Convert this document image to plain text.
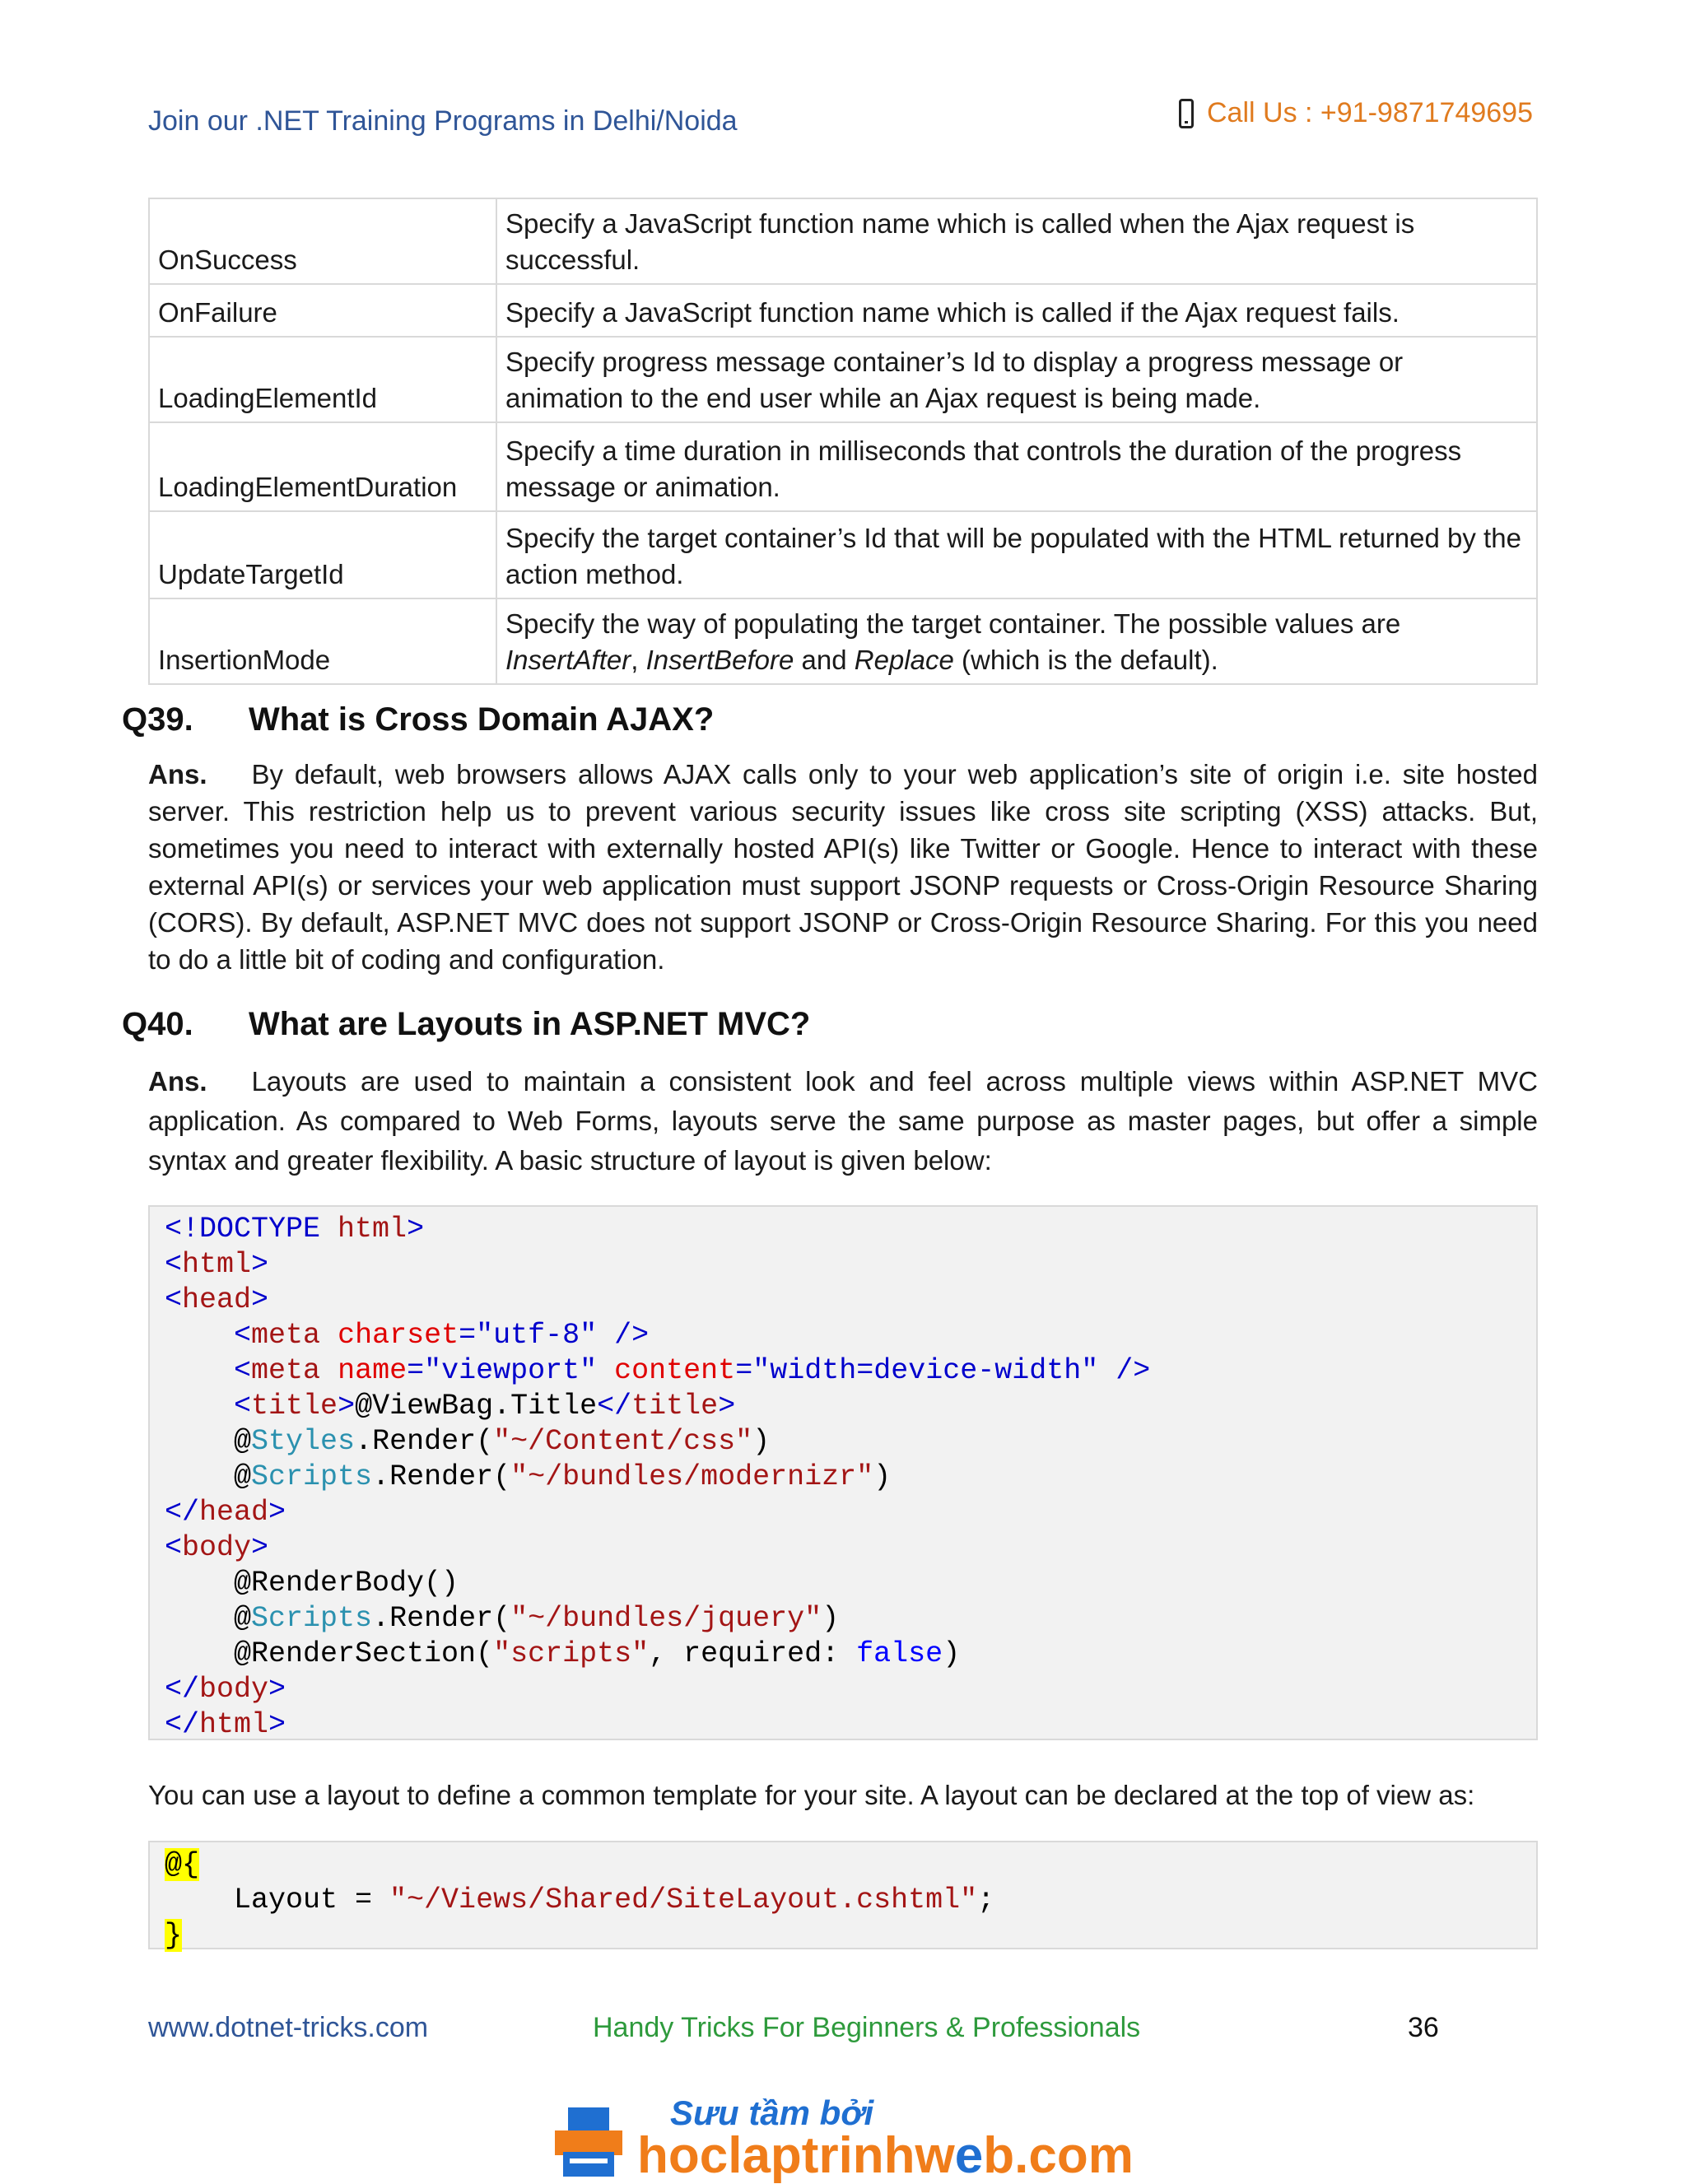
Join our .NET Training Programs in Delhi/Noida	Call Us : +91-9871749695
OnSuccess	Specify a JavaScript function name which is called when the Ajax request is successful.
OnFailure	Specify a JavaScript function name which is called if the Ajax request fails.
LoadingElementId	Specify progress message container’s Id to display a progress message or animation to the end user while an Ajax request is being made.
LoadingElementDuration	Specify a time duration in milliseconds that controls the duration of the progress message or animation.
UpdateTargetId	Specify the target container’s Id that will be populated with the HTML returned by the action method.
InsertionMode	Specify the way of populating the target container. The possible values are InsertAfter, InsertBefore and Replace (which is the default).
Q39.	What is Cross Domain AJAX?
Ans. By default, web browsers allows AJAX calls only to your web application’s site of origin i.e. site hosted server. This restriction help us to prevent various security issues like cross site scripting (XSS) attacks. But, sometimes you need to interact with externally hosted API(s) like Twitter or Google. Hence to interact with these external API(s) or services your web application must support JSONP requests or Cross-Origin Resource Sharing (CORS). By default, ASP.NET MVC does not support JSONP or Cross-Origin Resource Sharing. For this you need to do a little bit of coding and configuration.
Q40.	What are Layouts in ASP.NET MVC?
Ans. Layouts are used to maintain a consistent look and feel across multiple views within ASP.NET MVC application. As compared to Web Forms, layouts serve the same purpose as master pages, but offer a simple syntax and greater flexibility. A basic structure of layout is given below:
<!DOCTYPE html>
<html>
<head>
<meta charset="utf-8" />
<meta name="viewport" content="width=device-width" />
<title>@ViewBag.Title</title>
@Styles.Render("~/Content/css")
@Scripts.Render("~/bundles/modernizr")
</head>
<body>
@RenderBody()
@Scripts.Render("~/bundles/jquery")
@RenderSection("scripts", required: false)
</body>
</html>
You can use a layout to define a common template for your site. A layout can be declared at the top of view as:
@{
Layout = "~/Views/Shared/SiteLayout.cshtml";
}
www.dotnet-tricks.com	Handy Tricks For Beginners & Professionals	36
Sưu tầm bởi
hoclaptrinhweb.com
